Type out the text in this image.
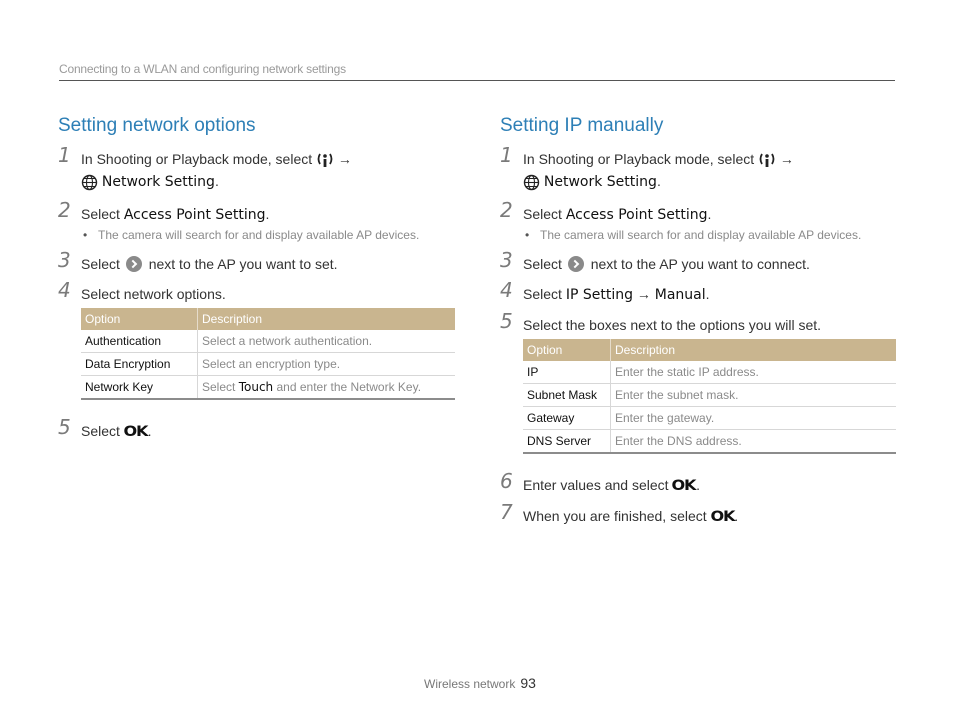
Connecting to a WLAN and configuring network settings
Setting network options
1 In Shooting or Playback mode, select →
Network Setting.
2 Select Access Point Setting.
• The camera will search for and display available AP devices.
3 Select next to the AP you want to set.
4 Select network options.
Option	Description
Authentication	Select a network authentication.
Data Encryption	Select an encryption type.
Network Key	Select Touch and enter the Network Key.
5 Select OK.
Setting IP manually
1 In Shooting or Playback mode, select →
Network Setting.
2 Select Access Point Setting.
• The camera will search for and display available AP devices.
3 Select next to the AP you want to connect.
4 Select IP Setting → Manual.
5 Select the boxes next to the options you will set.
Option	Description
IP	Enter the static IP address.
Subnet Mask	Enter the subnet mask.
Gateway	Enter the gateway.
DNS Server	Enter the DNS address.
6 Enter values and select OK.
7 When you are finished, select OK.
Wireless network 93
